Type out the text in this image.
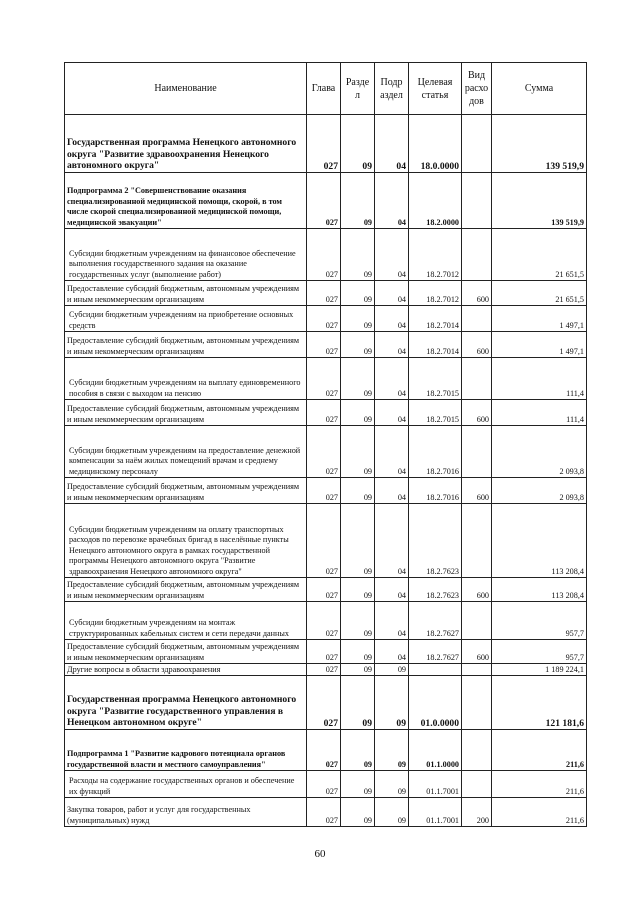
Наименование	Глава	Разде л	Подр аздел	Целевая статья	Вид расхо дов	Сумма
Государственная программа Ненецкого автономного округа "Развитие здравоохранения Ненецкого автономного округа"	027	09	04	18.0.0000		139 519,9
Подпрограмма 2 "Совершенствование оказания специализированной медицинской помощи, скорой, в том числе скорой специализированной медицинской помощи, медицинской эвакуации"	027	09	04	18.2.0000		139 519,9
Субсидии бюджетным учреждениям на финансовое обеспечение выполнения государственного задания на оказание государственных услуг (выполнение работ)	027	09	04	18.2.7012		21 651,5
Предоставление субсидий бюджетным, автономным учреждениям и иным некоммерческим организациям	027	09	04	18.2.7012	600	21 651,5
Субсидии бюджетным учреждениям на приобретение основных средств	027	09	04	18.2.7014		1 497,1
Предоставление субсидий бюджетным, автономным учреждениям и иным некоммерческим организациям	027	09	04	18.2.7014	600	1 497,1
Субсидии бюджетным учреждениям на выплату единовременного пособия в связи с выходом на пенсию	027	09	04	18.2.7015		111,4
Предоставление субсидий бюджетным, автономным учреждениям и иным некоммерческим организациям	027	09	04	18.2.7015	600	111,4
Субсидии бюджетным учреждениям на предоставление денежной компенсации за наём жилых помещений врачам и среднему медицинскому персоналу	027	09	04	18.2.7016		2 093,8
Предоставление субсидий бюджетным, автономным учреждениям и иным некоммерческим организациям	027	09	04	18.2.7016	600	2 093,8
Субсидии бюджетным учреждениям на оплату транспортных расходов по перевозке врачебных бригад в населённые пункты Ненецкого автономного округа в рамках государственной программы Ненецкого автономного округа "Развитие здравоохранения Ненецкого автономного округа"	027	09	04	18.2.7623		113 208,4
Предоставление субсидий бюджетным, автономным учреждениям и иным некоммерческим организациям	027	09	04	18.2.7623	600	113 208,4
Субсидии бюджетным учреждениям на монтаж структурированных кабельных систем и сети передачи данных	027	09	04	18.2.7627		957,7
Предоставление субсидий бюджетным, автономным учреждениям и иным некоммерческим организациям	027	09	04	18.2.7627	600	957,7
Другие вопросы в области здравоохранения	027	09	09			1 189 224,1
Государственная программа Ненецкого автономного округа "Развитие государственного управления в Ненецком автономном округе"	027	09	09	01.0.0000		121 181,6
Подпрограмма 1 "Развитие кадрового потенциала органов государственной власти и местного самоуправления"	027	09	09	01.1.0000		211,6
Расходы на содержание государственных органов и обеспечение их функций	027	09	09	01.1.7001		211,6
Закупка товаров, работ и услуг для государственных (муниципальных) нужд	027	09	09	01.1.7001	200	211,6
60
